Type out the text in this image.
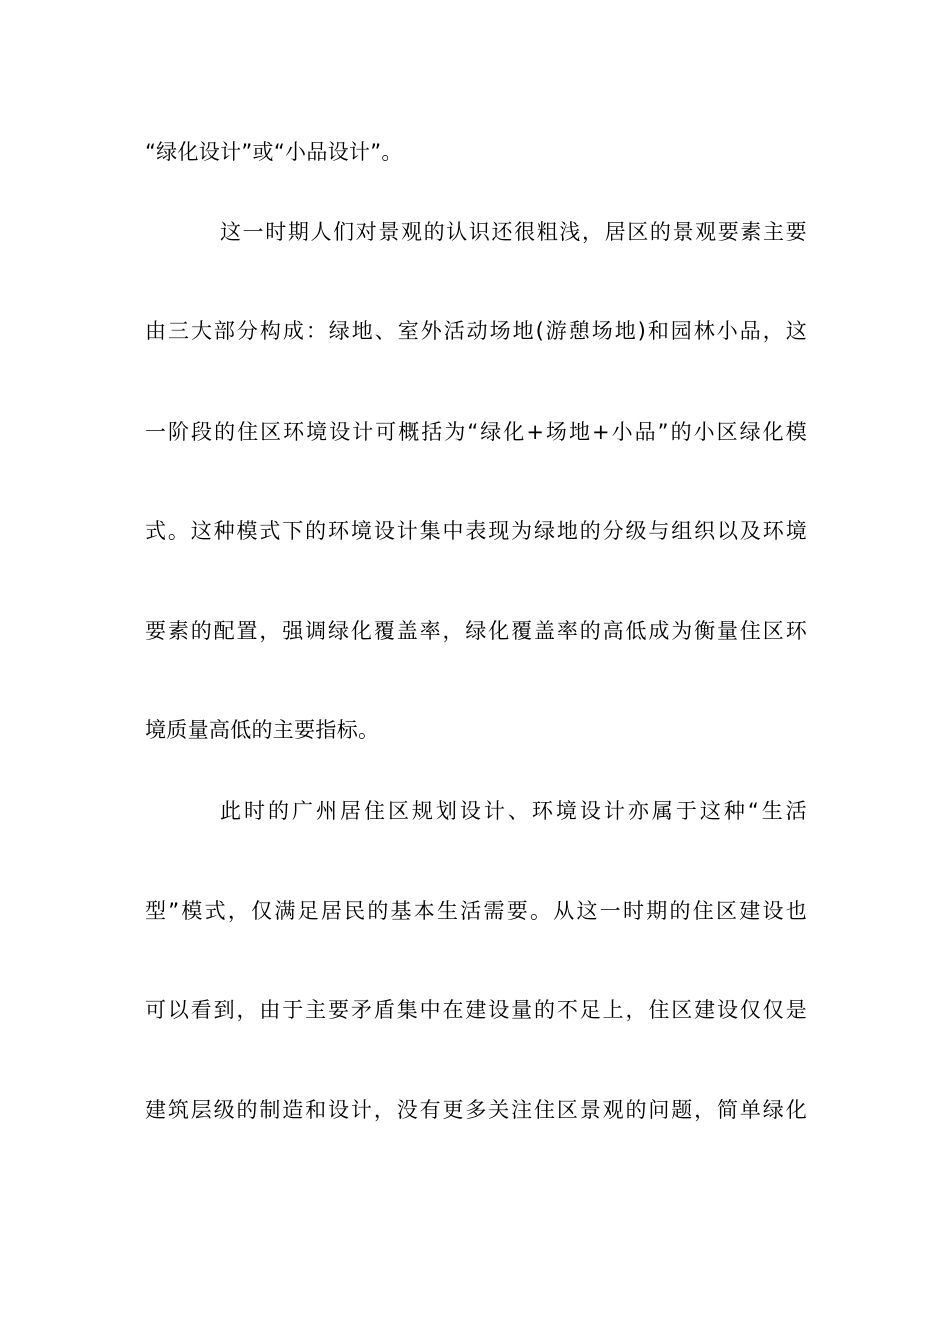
“绿化设计”或“小品设计”。
这一时期人们对景观的认识还很粗浅，居区的景观要素主要
由三大部分构成：绿地、室外活动场地(游憩场地)和园林小品，这
一阶段的住区环境设计可概括为“绿化+场地+小品”的小区绿化模
式。这种模式下的环境设计集中表现为绿地的分级与组织以及环境
要素的配置，强调绿化覆盖率，绿化覆盖率的高低成为衡量住区环
境质量高低的主要指标。
此时的广州居住区规划设计、环境设计亦属于这种“生活
型”模式，仅满足居民的基本生活需要。从这一时期的住区建设也
可以看到，由于主要矛盾集中在建设量的不足上，住区建设仅仅是
建筑层级的制造和设计，没有更多关注住区景观的问题，简单绿化
